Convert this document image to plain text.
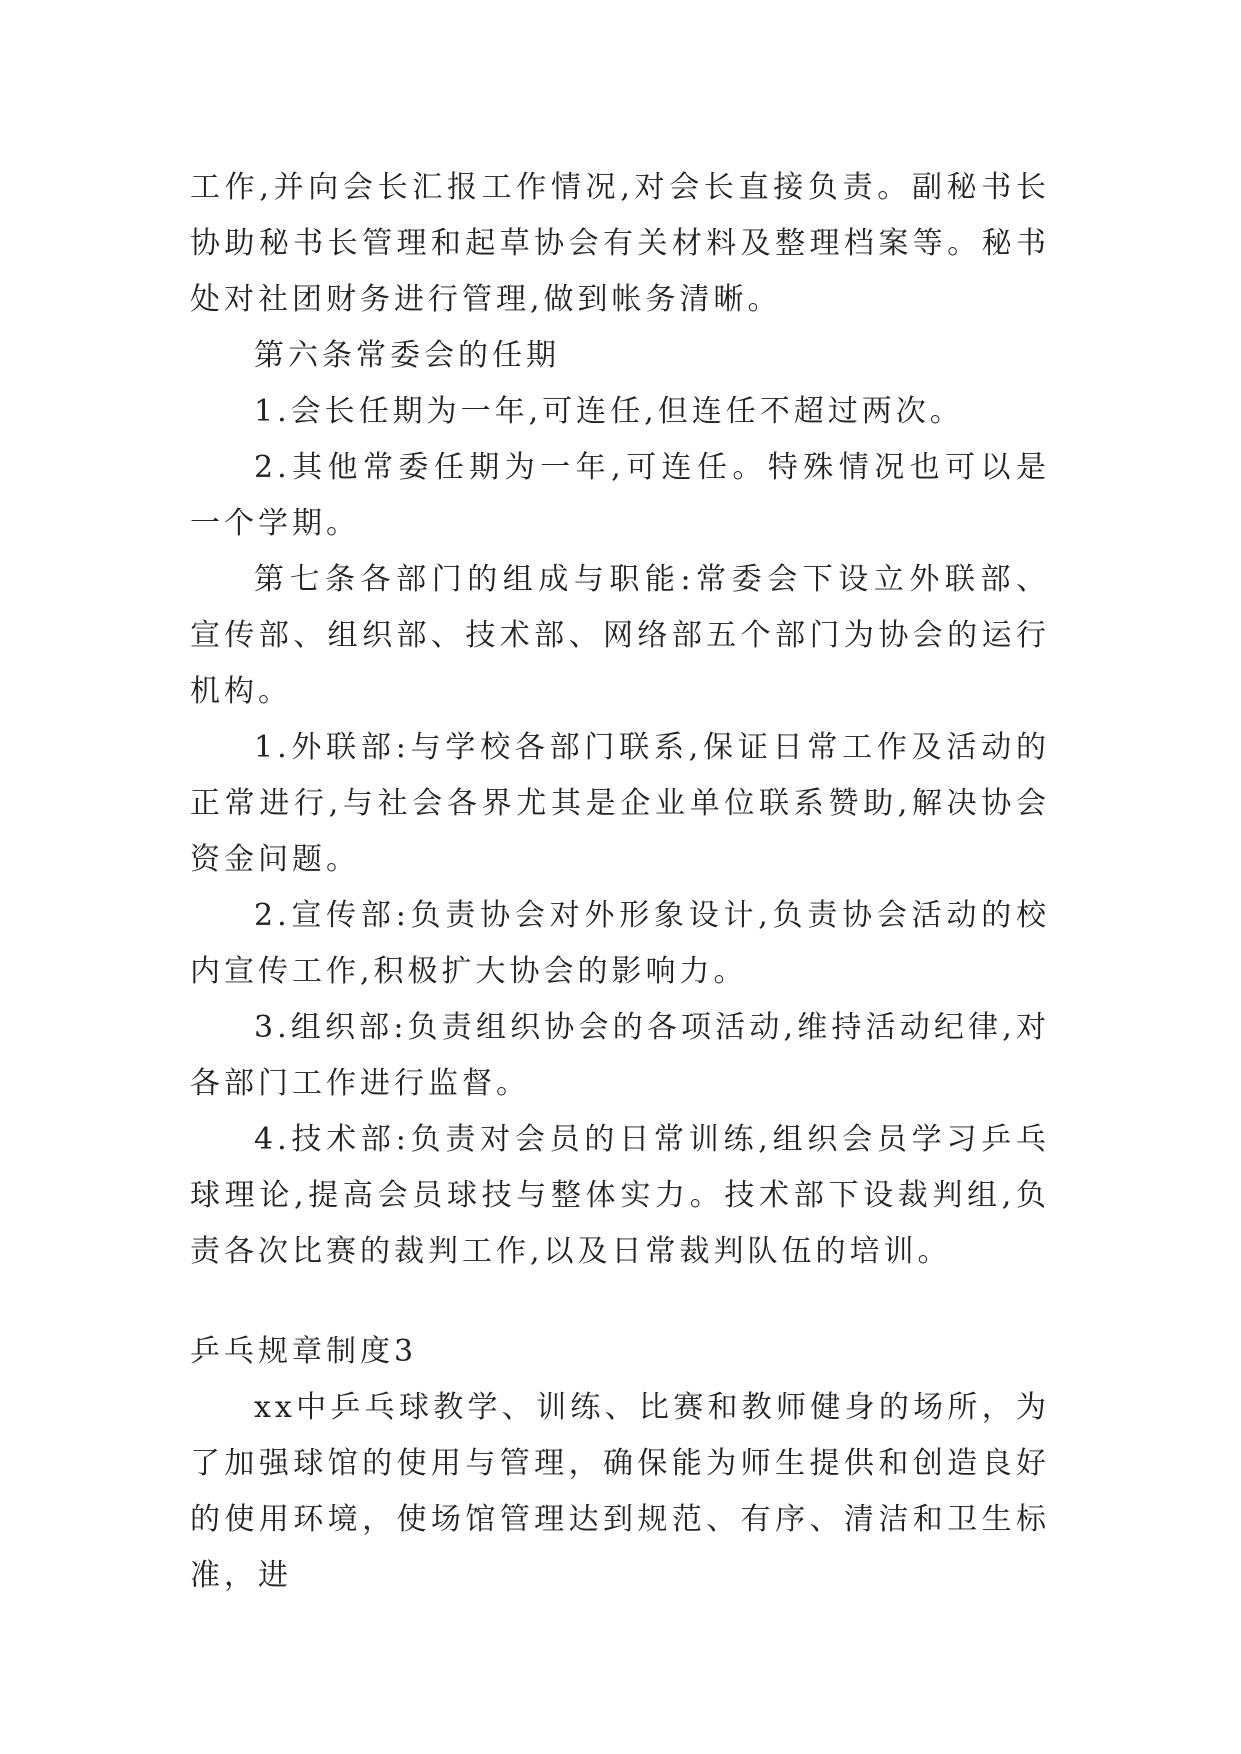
工作,并向会长汇报工作情况,对会长直接负责。副秘书长协助秘书长管理和起草协会有关材料及整理档案等。秘书处对社团财务进行管理,做到帐务清晰。

第六条常委会的任期

1.会长任期为一年,可连任,但连任不超过两次。

2.其他常委任期为一年,可连任。特殊情况也可以是一个学期。

第七条各部门的组成与职能:常委会下设立外联部、宣传部、组织部、技术部、网络部五个部门为协会的运行机构。

1.外联部:与学校各部门联系,保证日常工作及活动的正常进行,与社会各界尤其是企业单位联系赞助,解决协会资金问题。

2.宣传部:负责协会对外形象设计,负责协会活动的校内宣传工作,积极扩大协会的影响力。

3.组织部:负责组织协会的各项活动,维持活动纪律,对各部门工作进行监督。

4.技术部:负责对会员的日常训练,组织会员学习乒乓球理论,提高会员球技与整体实力。技术部下设裁判组,负责各次比赛的裁判工作,以及日常裁判队伍的培训。

乒乓规章制度3

xx中乒乓球教学、训练、比赛和教师健身的场所，为了加强球馆的使用与管理，确保能为师生提供和创造良好的使用环境，使场馆管理达到规范、有序、清洁和卫生标准，进
